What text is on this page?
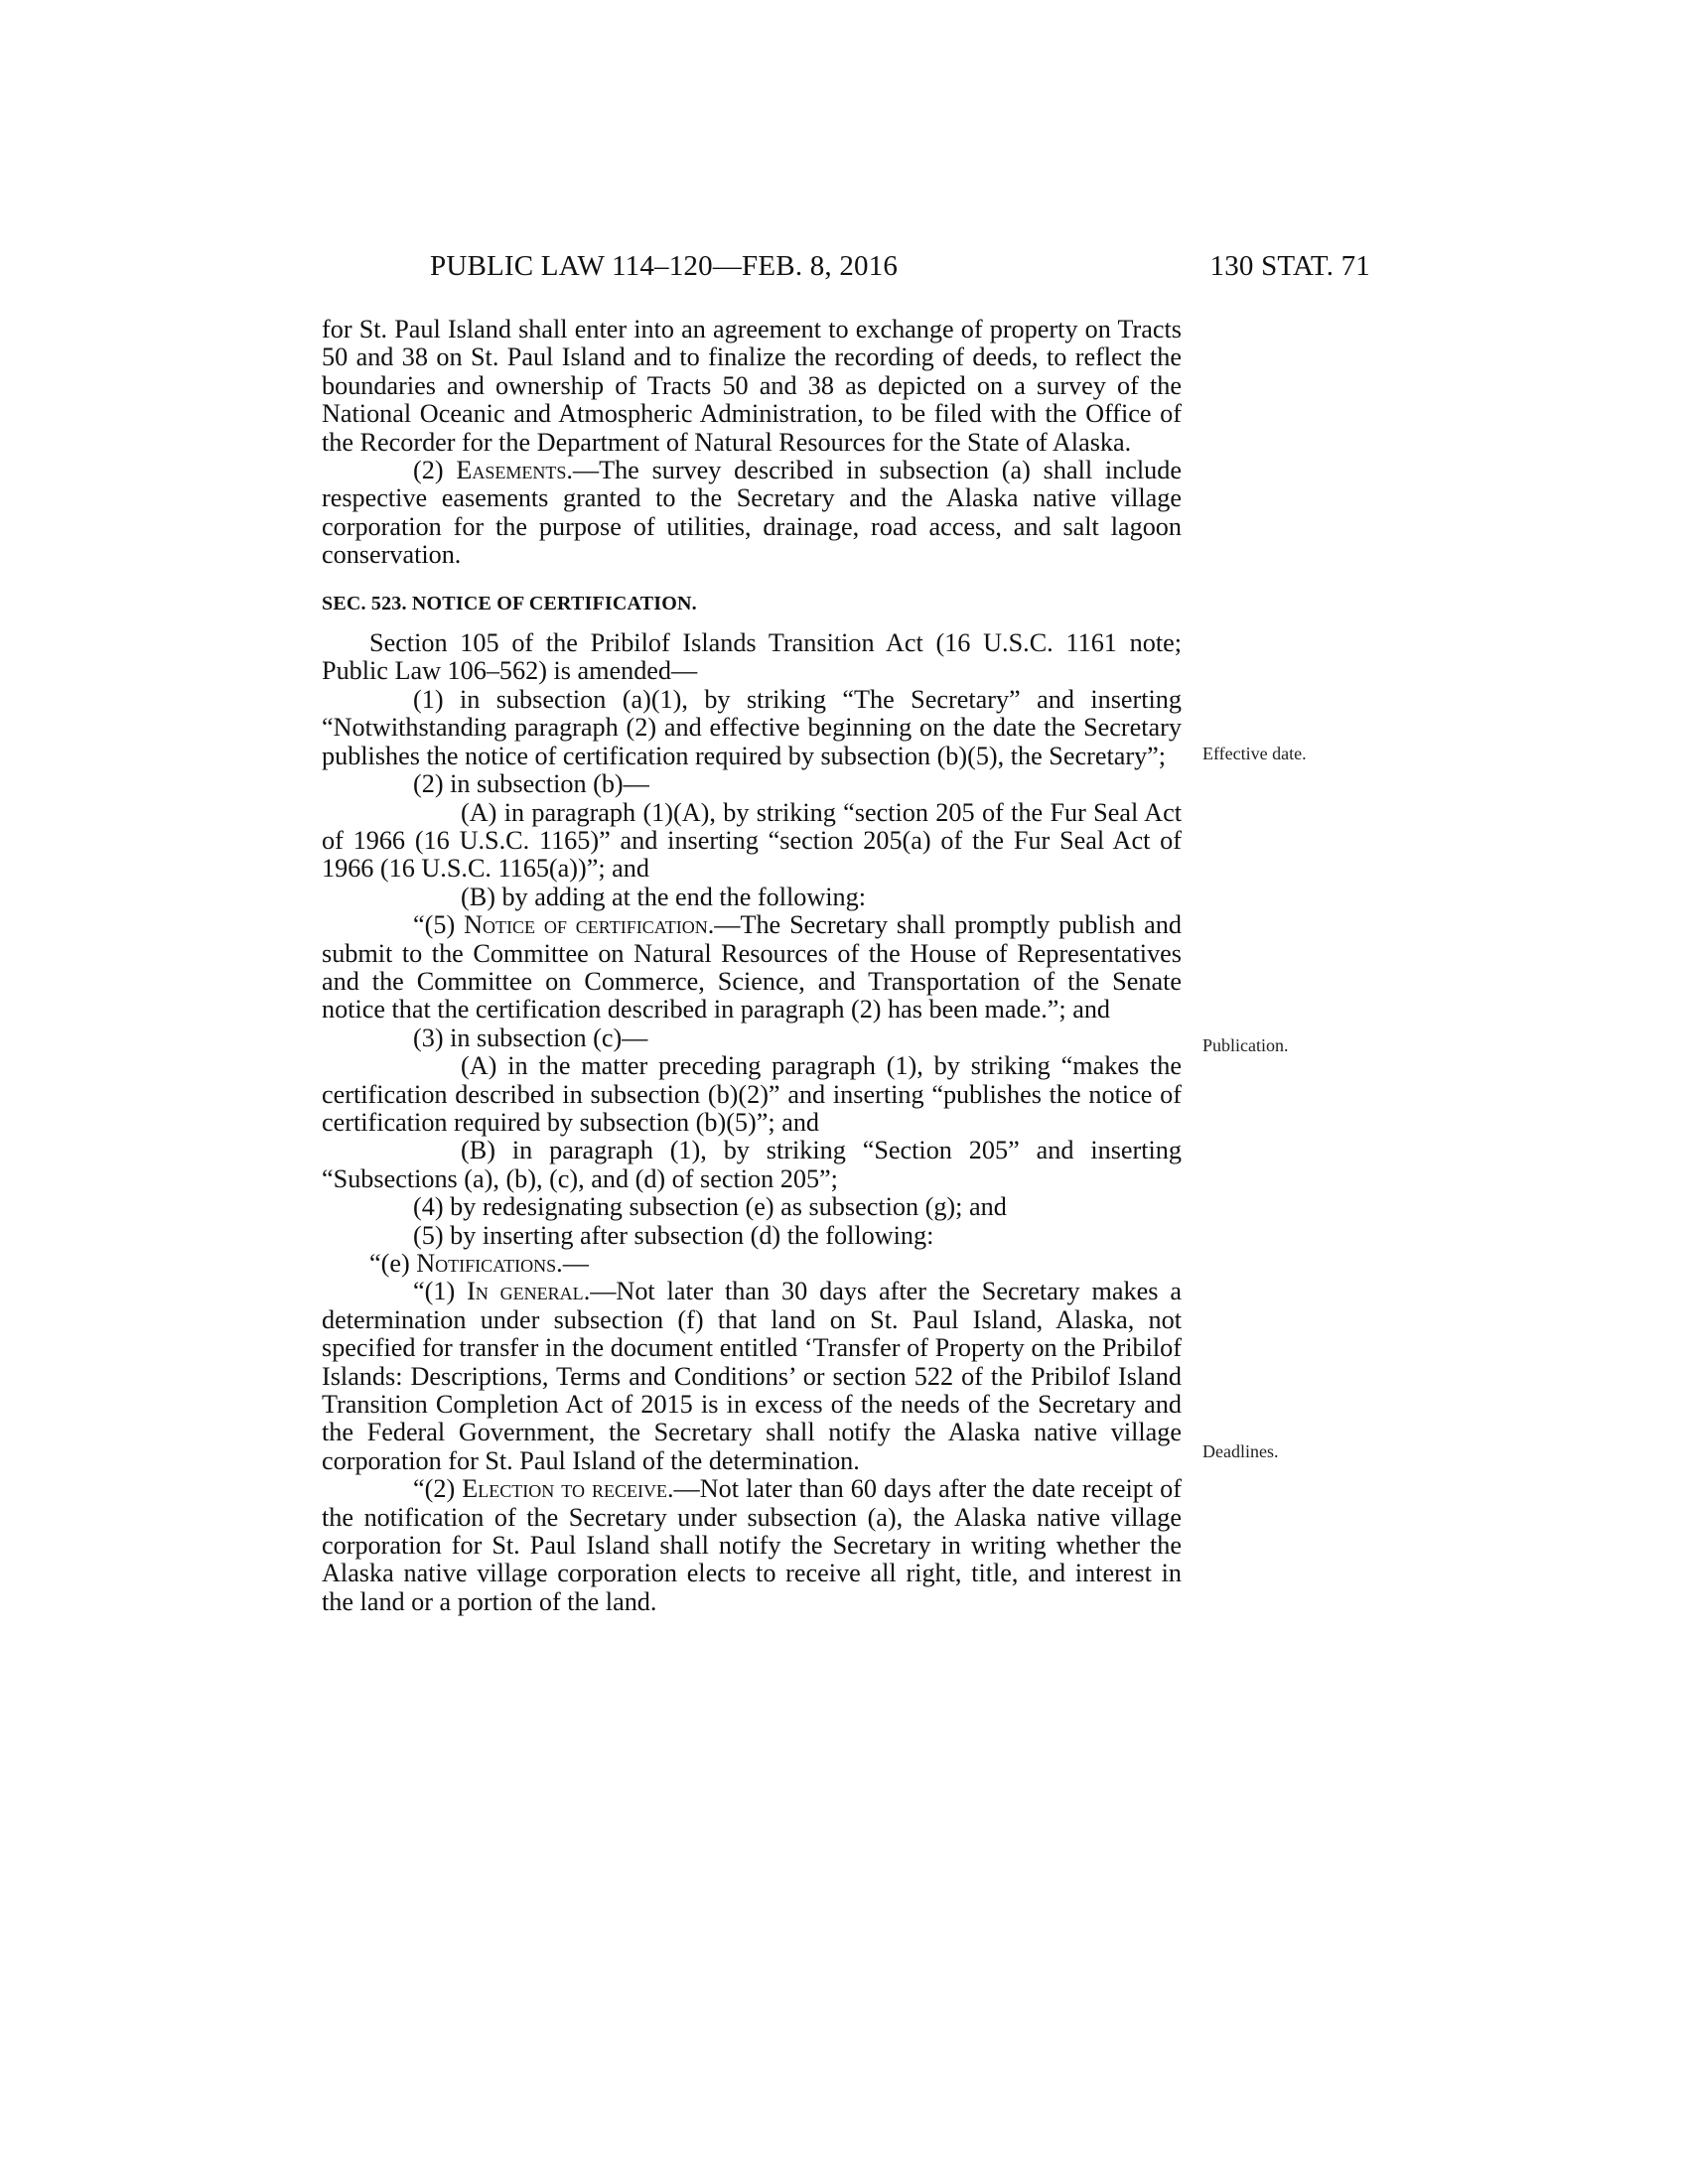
PUBLIC LAW 114–120—FEB. 8, 2016	130 STAT. 71

for St. Paul Island shall enter into an agreement to exchange of property on Tracts 50 and 38 on St. Paul Island and to finalize the recording of deeds, to reflect the boundaries and ownership of Tracts 50 and 38 as depicted on a survey of the National Oceanic and Atmospheric Administration, to be filed with the Office of the Recorder for the Department of Natural Resources for the State of Alaska.

(2) Easements.—The survey described in subsection (a) shall include respective easements granted to the Secretary and the Alaska native village corporation for the purpose of utilities, drainage, road access, and salt lagoon conservation.

SEC. 523. NOTICE OF CERTIFICATION.

Section 105 of the Pribilof Islands Transition Act (16 U.S.C. 1161 note; Public Law 106–562) is amended—

(1) in subsection (a)(1), by striking “The Secretary” and inserting “Notwithstanding paragraph (2) and effective beginning on the date the Secretary publishes the notice of certification required by subsection (b)(5), the Secretary”;

(2) in subsection (b)—

(A) in paragraph (1)(A), by striking “section 205 of the Fur Seal Act of 1966 (16 U.S.C. 1165)” and inserting “section 205(a) of the Fur Seal Act of 1966 (16 U.S.C. 1165(a))”; and

(B) by adding at the end the following:

“(5) Notice of certification.—The Secretary shall promptly publish and submit to the Committee on Natural Resources of the House of Representatives and the Committee on Commerce, Science, and Transportation of the Senate notice that the certification described in paragraph (2) has been made.”; and

(3) in subsection (c)—

(A) in the matter preceding paragraph (1), by striking “makes the certification described in subsection (b)(2)” and inserting “publishes the notice of certification required by subsection (b)(5)”; and

(B) in paragraph (1), by striking “Section 205” and inserting “Subsections (a), (b), (c), and (d) of section 205”;

(4) by redesignating subsection (e) as subsection (g); and

(5) by inserting after subsection (d) the following:

“(e) Notifications.—

“(1) In general.—Not later than 30 days after the Secretary makes a determination under subsection (f) that land on St. Paul Island, Alaska, not specified for transfer in the document entitled ‘Transfer of Property on the Pribilof Islands: Descriptions, Terms and Conditions’ or section 522 of the Pribilof Island Transition Completion Act of 2015 is in excess of the needs of the Secretary and the Federal Government, the Secretary shall notify the Alaska native village corporation for St. Paul Island of the determination.

“(2) Election to receive.—Not later than 60 days after the date receipt of the notification of the Secretary under subsection (a), the Alaska native village corporation for St. Paul Island shall notify the Secretary in writing whether the Alaska native village corporation elects to receive all right, title, and interest in the land or a portion of the land.

Effective date.
Publication.
Deadlines.
